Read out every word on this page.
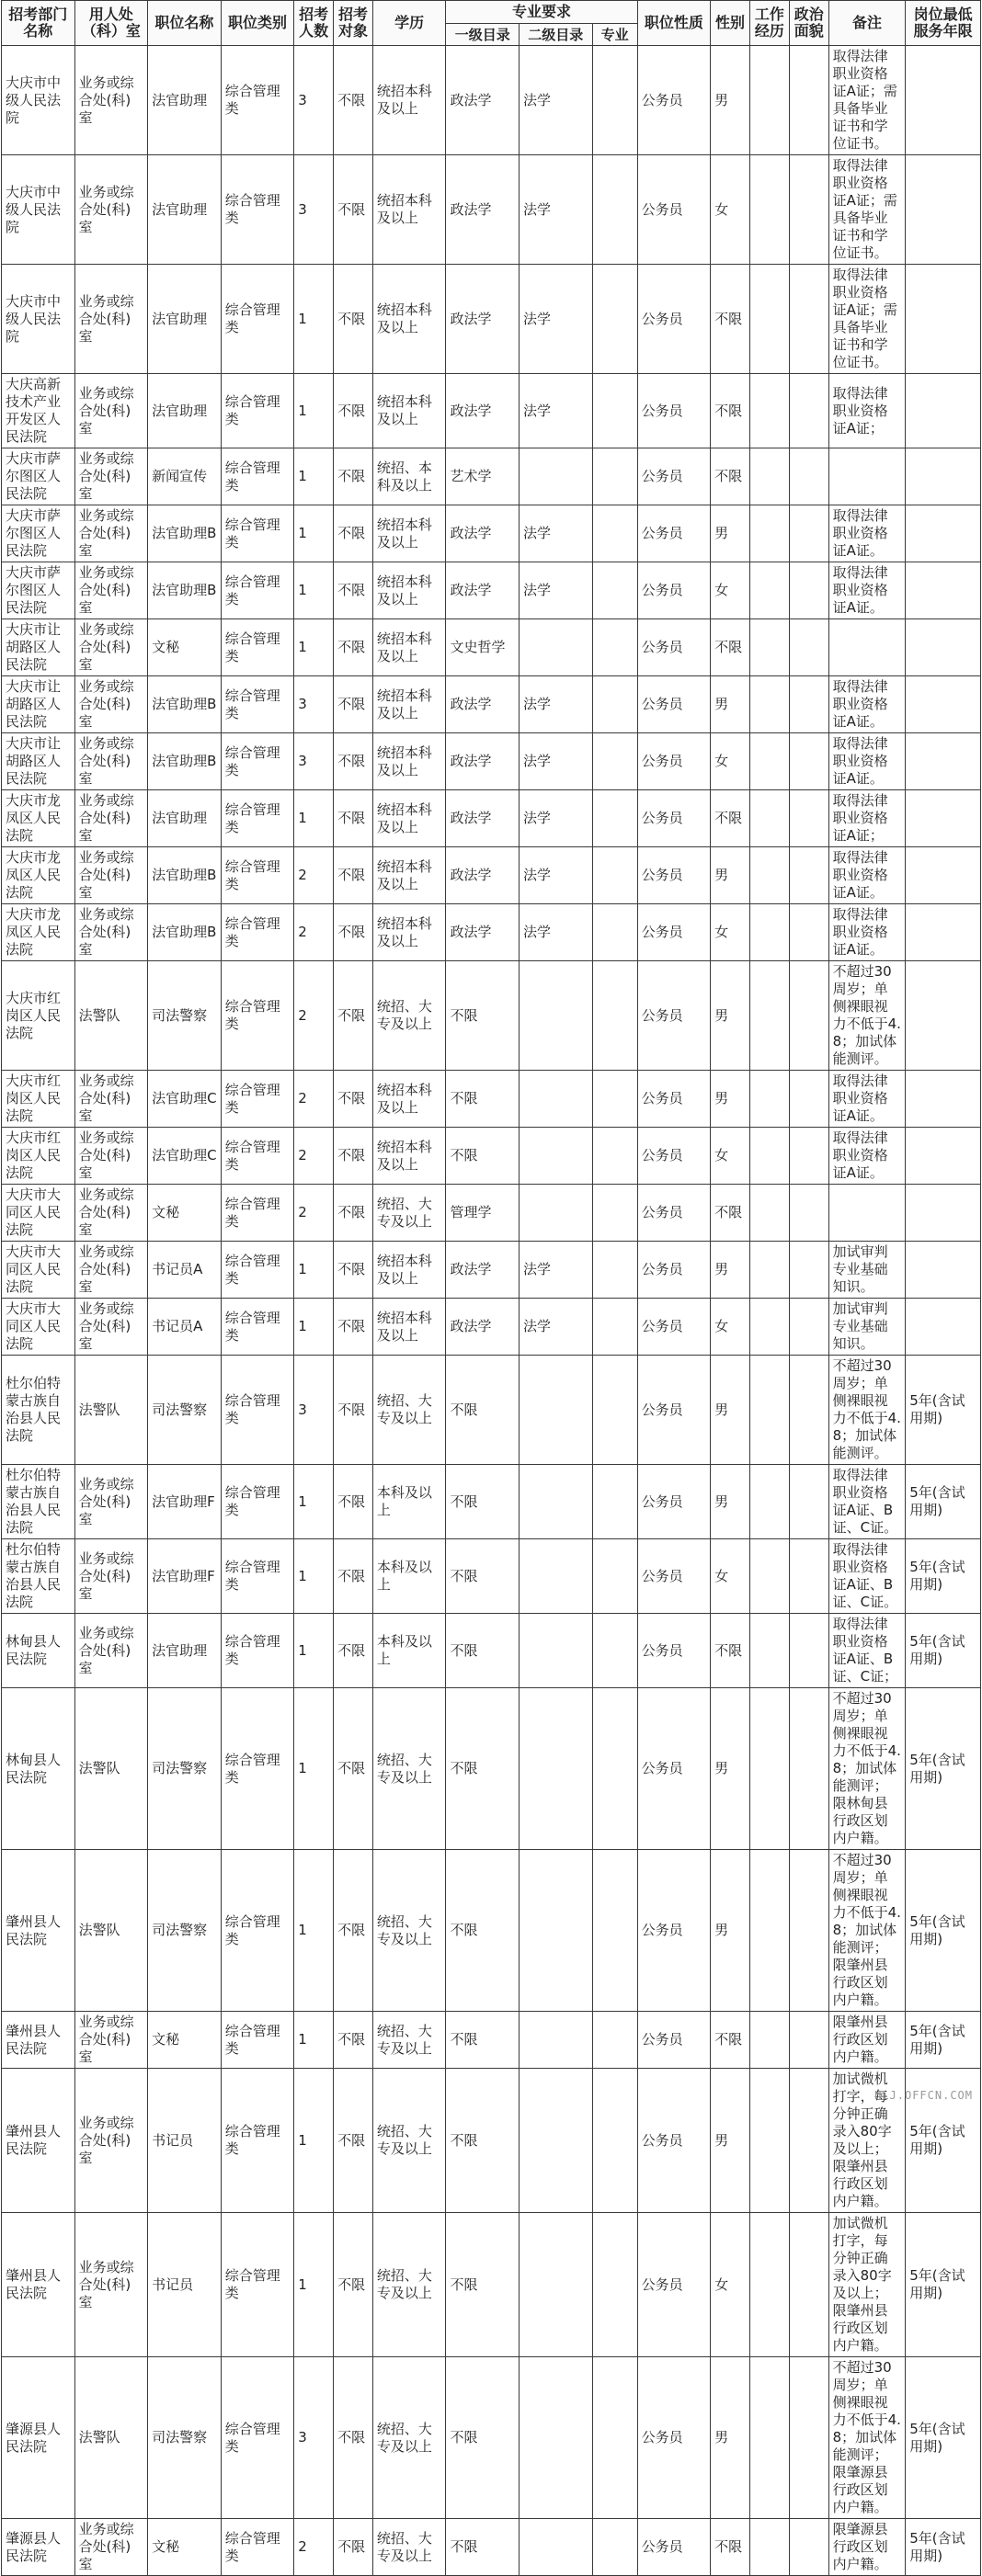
招考部门名称	用人处（科）室	职位名称	职位类别	招考人数	招考对象	学历	专业要求			职位性质	性别	工作经历	政治面貌	备注	岗位最低服务年限
							一级目录	二级目录	专业						
大庆市中级人民法院	业务或综合处(科)室	法官助理	综合管理类	3	不限	统招本科及以上	政法学	法学		公务员	男			取得法律职业资格证A证；需具备毕业证书和学位证书。	
大庆市中级人民法院	业务或综合处(科)室	法官助理	综合管理类	3	不限	统招本科及以上	政法学	法学		公务员	女			取得法律职业资格证A证；需具备毕业证书和学位证书。	
大庆市中级人民法院	业务或综合处(科)室	法官助理	综合管理类	1	不限	统招本科及以上	政法学	法学		公务员	不限			取得法律职业资格证A证；需具备毕业证书和学位证书。	
大庆高新技术产业开发区人民法院	业务或综合处(科)室	法官助理	综合管理类	1	不限	统招本科及以上	政法学	法学		公务员	不限			取得法律职业资格证A证；	
大庆市萨尔图区人民法院	业务或综合处(科)室	新闻宣传	综合管理类	1	不限	统招、本科及以上	艺术学			公务员	不限				
大庆市萨尔图区人民法院	业务或综合处(科)室	法官助理B	综合管理类	1	不限	统招本科及以上	政法学	法学		公务员	男			取得法律职业资格证A证。	
大庆市萨尔图区人民法院	业务或综合处(科)室	法官助理B	综合管理类	1	不限	统招本科及以上	政法学	法学		公务员	女			取得法律职业资格证A证。	
大庆市让胡路区人民法院	业务或综合处(科)室	文秘	综合管理类	1	不限	统招本科及以上	文史哲学			公务员	不限				
大庆市让胡路区人民法院	业务或综合处(科)室	法官助理B	综合管理类	3	不限	统招本科及以上	政法学	法学		公务员	男			取得法律职业资格证A证。	
大庆市让胡路区人民法院	业务或综合处(科)室	法官助理B	综合管理类	3	不限	统招本科及以上	政法学	法学		公务员	女			取得法律职业资格证A证。	
大庆市龙凤区人民法院	业务或综合处(科)室	法官助理	综合管理类	1	不限	统招本科及以上	政法学	法学		公务员	不限			取得法律职业资格证A证；	
大庆市龙凤区人民法院	业务或综合处(科)室	法官助理B	综合管理类	2	不限	统招本科及以上	政法学	法学		公务员	男			取得法律职业资格证A证。	
大庆市龙凤区人民法院	业务或综合处(科)室	法官助理B	综合管理类	2	不限	统招本科及以上	政法学	法学		公务员	女			取得法律职业资格证A证。	
大庆市红岗区人民法院	法警队	司法警察	综合管理类	2	不限	统招、大专及以上	不限			公务员	男			不超过30周岁；单侧裸眼视力不低于4.8；加试体能测评。	
大庆市红岗区人民法院	业务或综合处(科)室	法官助理C	综合管理类	2	不限	统招本科及以上	不限			公务员	男			取得法律职业资格证A证。	
大庆市红岗区人民法院	业务或综合处(科)室	法官助理C	综合管理类	2	不限	统招本科及以上	不限			公务员	女			取得法律职业资格证A证。	
大庆市大同区人民法院	业务或综合处(科)室	文秘	综合管理类	2	不限	统招、大专及以上	管理学			公务员	不限				
大庆市大同区人民法院	业务或综合处(科)室	书记员A	综合管理类	1	不限	统招本科及以上	政法学	法学		公务员	男			加试审判专业基础知识。	
大庆市大同区人民法院	业务或综合处(科)室	书记员A	综合管理类	1	不限	统招本科及以上	政法学	法学		公务员	女			加试审判专业基础知识。	
杜尔伯特蒙古族自治县人民法院	法警队	司法警察	综合管理类	3	不限	统招、大专及以上	不限			公务员	男			不超过30周岁；单侧裸眼视力不低于4.8；加试体能测评。	5年(含试用期)
杜尔伯特蒙古族自治县人民法院	业务或综合处(科)室	法官助理F	综合管理类	1	不限	本科及以上	不限			公务员	男			取得法律职业资格证A证、B证、C证。	5年(含试用期)
杜尔伯特蒙古族自治县人民法院	业务或综合处(科)室	法官助理F	综合管理类	1	不限	本科及以上	不限			公务员	女			取得法律职业资格证A证、B证、C证。	5年(含试用期)
林甸县人民法院	业务或综合处(科)室	法官助理	综合管理类	1	不限	本科及以上	不限			公务员	不限			取得法律职业资格证A证、B证、C证；	5年(含试用期)
林甸县人民法院	法警队	司法警察	综合管理类	1	不限	统招、大专及以上	不限			公务员	男			不超过30周岁；单侧裸眼视力不低于4.8；加试体能测评；限林甸县行政区划内户籍。	5年(含试用期)
肇州县人民法院	法警队	司法警察	综合管理类	1	不限	统招、大专及以上	不限			公务员	男			不超过30周岁；单侧裸眼视力不低于4.8；加试体能测评；限肇州县行政区划内户籍。	5年(含试用期)
肇州县人民法院	业务或综合处(科)室	文秘	综合管理类	1	不限	统招、大专及以上	不限			公务员	不限			限肇州县行政区划内户籍。	5年(含试用期)
肇州县人民法院	业务或综合处(科)室	书记员	综合管理类	1	不限	统招、大专及以上	不限			公务员	男			加试微机打字，每分钟正确录入80字及以上；限肇州县行政区划内户籍。	5年(含试用期)
肇州县人民法院	业务或综合处(科)室	书记员	综合管理类	1	不限	统招、大专及以上	不限			公务员	女			加试微机打字，每分钟正确录入80字及以上；限肇州县行政区划内户籍。	5年(含试用期)
肇源县人民法院	法警队	司法警察	综合管理类	3	不限	统招、大专及以上	不限			公务员	男			不超过30周岁；单侧裸眼视力不低于4.8；加试体能测评；限肇源县行政区划内户籍。	5年(含试用期)
肇源县人民法院	业务或综合处(科)室	文秘	综合管理类	2	不限	统招、大专及以上	不限			公务员	不限			限肇源县行政区划内户籍。	5年(含试用期)
HLJ.OFFCN.COM
